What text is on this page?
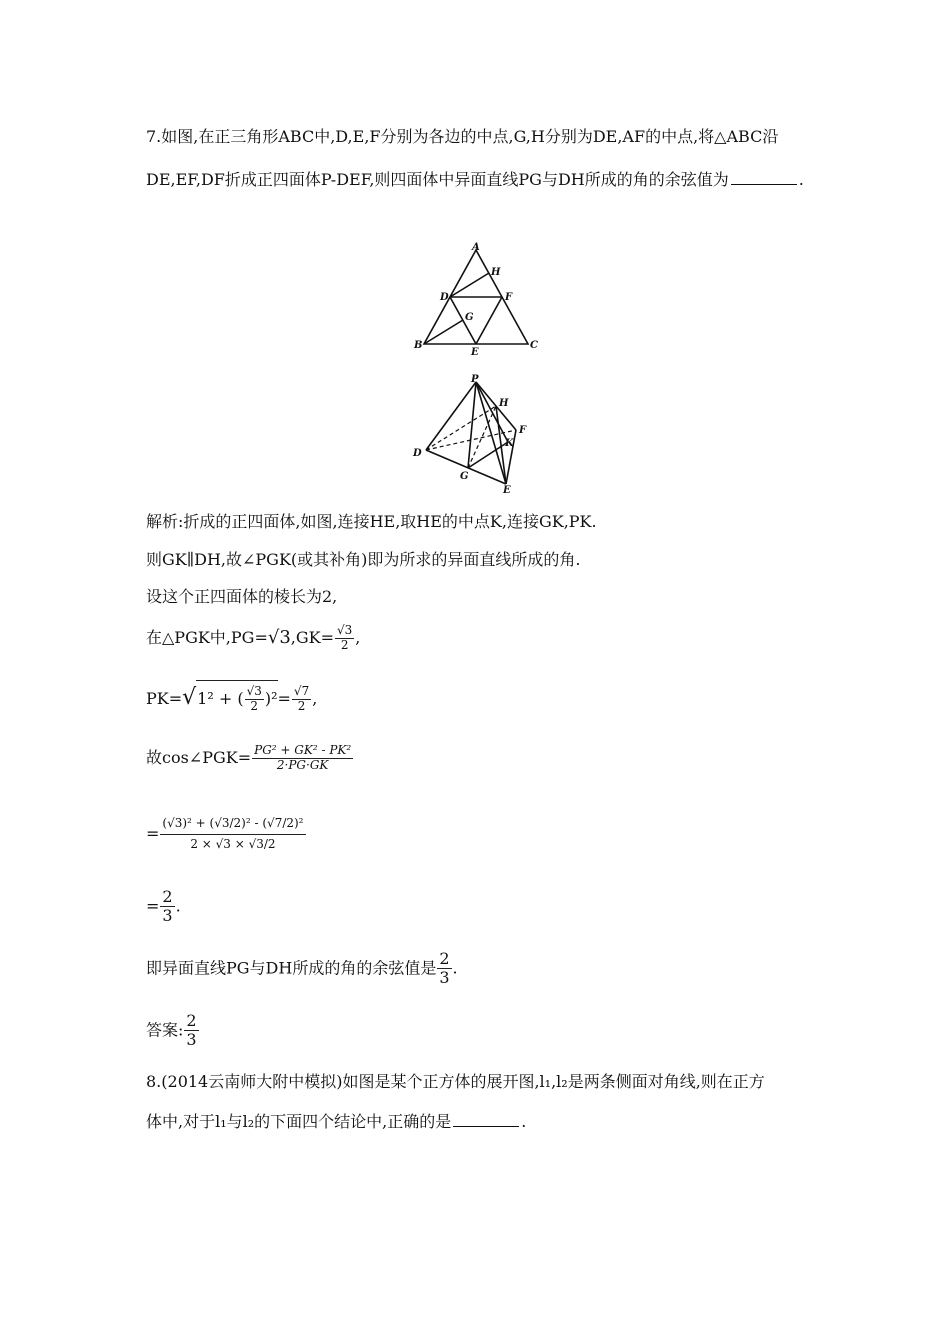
7.如图,在正三角形ABC中,D,E,F分别为各边的中点,G,H分别为DE,AF的中点,将△ABC沿
DE,EF,DF折成正四面体P-DEF,则四面体中异面直线PG与DH所成的角的余弦值为	.
A
H
D	F
G
B
E
C
P
H
F
K
D
G
E
解析:折成的正四面体,如图,连接HE,取HE的中点K,连接GK,PK.
则GK∥DH,故∠PGK(或其补角)即为所求的异面直线所成的角.
设这个正四面体的棱长为2,
在△PGK中$,PG=√3,GK= \frac{√3}{2}$ ,
PK=√1² + ( $\frac{√3}{2} )^2= \frac{√7}{2}$ ,
故cos∠PGK= $\frac{\text{PG² + GK² - PK²}}{2\cdot PG\cdot GK}$
= $\frac{\text{(√3)² + (√3/2)² - (√7/2)²}}{2 \times √3 \times √3/2}$
= $\frac{2}{3}$ .
即异面直线PG与DH所成的角的余弦值是 $\frac{2}{3}$ .
答案: $\frac{2}{3}$
8.(2014云南师大附中模拟)如图是某个正方体的展开图,l₁,l₂是两条侧面对角线,则在正方
体中,对于l₁与l₂的下面四个结论中,正确的是	.
